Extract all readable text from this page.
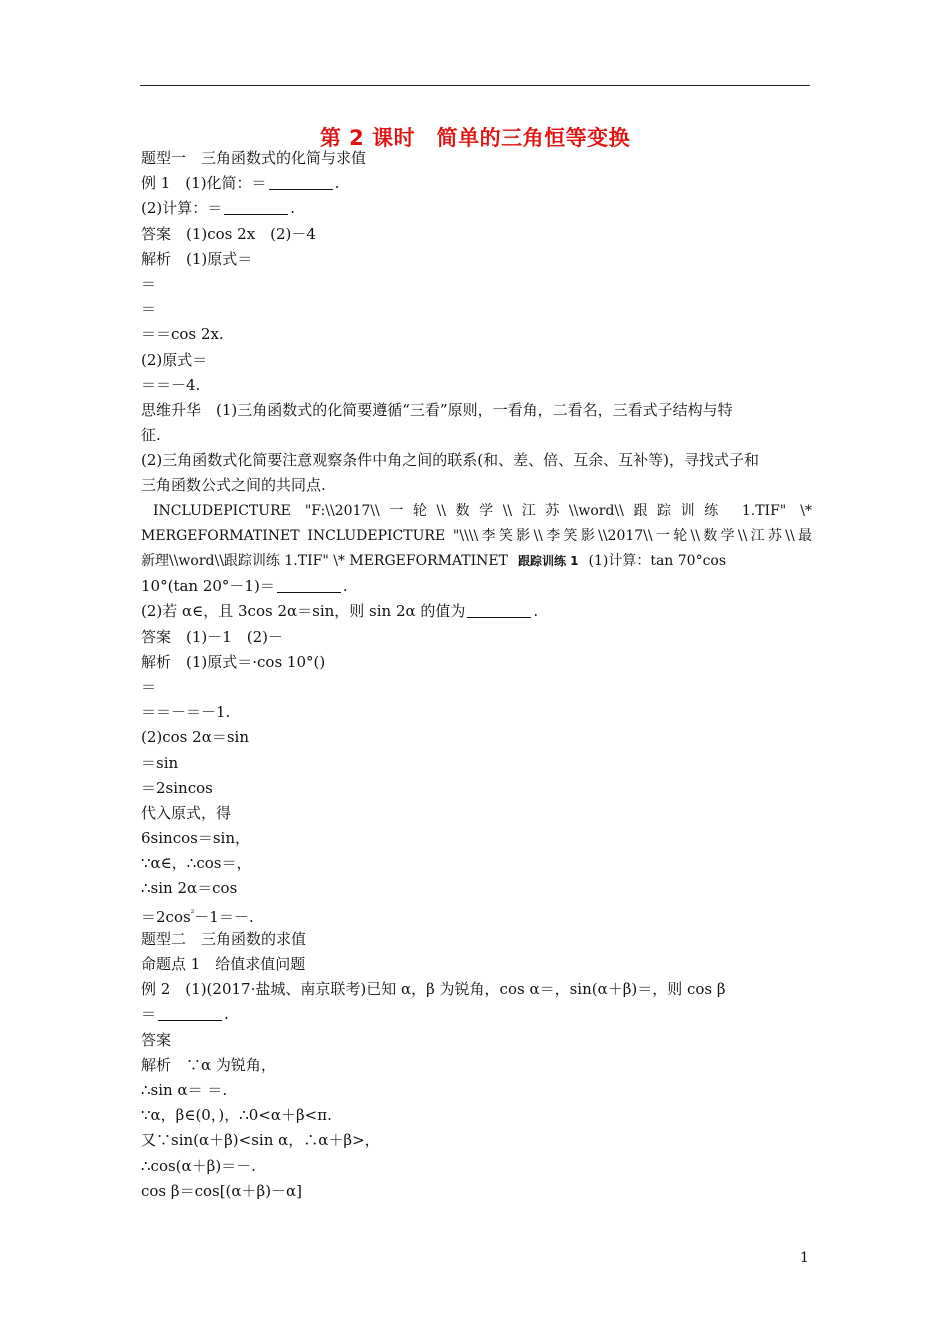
第 2 课时　简单的三角恒等变换
题型一　三角函数式的化简与求值
例 1　(1)化简：＝	.
(2)计算：＝	.
答案　(1)cos 2x　(2)－4
解析　(1)原式＝
＝
＝
＝＝cos 2x.
(2)原式＝
＝＝－4.
思维升华　(1)三角函数式的化简要遵循“三看”原则，一看角，二看名，三看式子结构与特
征.
(2)三角函数式化简要注意观察条件中角之间的联系(和、差、倍、互余、互补等)，寻找式子和
三角函数公式之间的共同点.
INCLUDEPICTURE "F:\\2017\\一轮\\数学\\江苏\\word\\跟踪训练 1.TIF" \*
MERGEFORMATINET INCLUDEPICTURE "\\\\李笑影\\李笑影\\2017\\一轮\\数学\\江苏\\最
新理\\word\\跟踪训练 1.TIF" \* MERGEFORMATINET 跟踪训练 1 (1)计算：tan 70°cos
10°(tan 20°－1)＝	.
(2)若 α∈，且 3cos 2α＝sin，则 sin 2α 的值为	.
答案　(1)－1　(2)－
解析　(1)原式＝·cos 10°()
＝
＝＝－＝－1.
(2)cos 2α＝sin
＝sin
＝2sincos
代入原式，得
6sincos＝sin，
∵α∈，∴cos＝，
∴sin 2α＝cos
$=2\cos^{^2}-1=-$.
题型二　三角函数的求值
命题点 1　给值求值问题
例 2　(1)(2017·盐城、南京联考)已知 α，β 为锐角，cos α＝，sin(α＋β)＝，则 cos β
＝	.
答案
解析　∵α 为锐角，
∴sin α＝ ＝.
∵α，β∈(0，)，∴0<α＋β<π.
又∵sin(α＋β)<sin α，∴α＋β>，
∴cos(α＋β)＝－.
cos β＝cos[(α＋β)－α]
1
